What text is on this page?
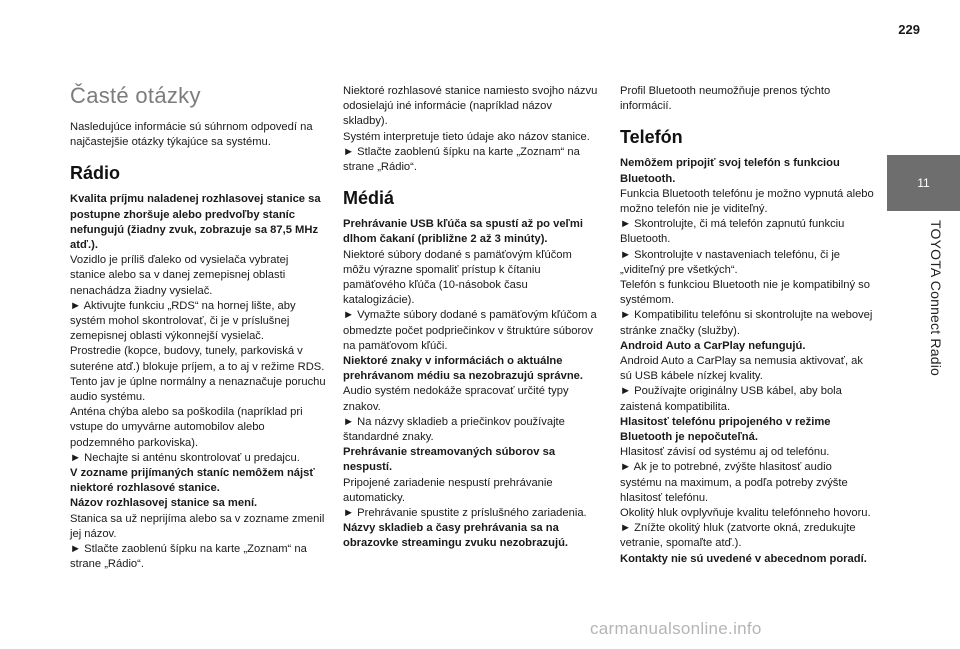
229
11
TOYOTA Connect Radio
Časté otázky

Nasledujúce informácie sú súhrnom odpovedí na najčastejšie otázky týkajúce sa systému.

Rádio

Kvalita príjmu naladenej rozhlasovej stanice sa postupne zhoršuje alebo predvoľby staníc nefungujú (žiadny zvuk, zobrazuje sa 87,5 MHz atď.).

Vozidlo je príliš ďaleko od vysielača vybratej stanice alebo sa v danej zemepisnej oblasti nenachádza žiadny vysielač.

► Aktivujte funkciu „RDS“ na hornej lište, aby systém mohol skontrolovať, či je v príslušnej zemepisnej oblasti výkonnejší vysielač.

Prostredie (kopce, budovy, tunely, parkoviská v suteréne atď.) blokuje príjem, a to aj v režime RDS.

Tento jav je úplne normálny a nenaznačuje poruchu audio systému.

Anténa chýba alebo sa poškodila (napríklad pri vstupe do umyvárne automobilov alebo podzemného parkoviska).

► Nechajte si anténu skontrolovať u predajcu.

V zozname prijímaných staníc nemôžem nájsť niektoré rozhlasové stanice.

Názov rozhlasovej stanice sa mení.

Stanica sa už neprijíma alebo sa v zozname zmenil jej názov.

► Stlačte zaoblenú šípku na karte „Zoznam“ na strane „Rádio“.

Niektoré rozhlasové stanice namiesto svojho názvu odosielajú iné informácie (napríklad názov skladby).

Systém interpretuje tieto údaje ako názov stanice.

► Stlačte zaoblenú šípku na karte „Zoznam“ na strane „Rádio“.

Médiá

Prehrávanie USB kľúča sa spustí až po veľmi dlhom čakaní (približne 2 až 3 minúty).

Niektoré súbory dodané s pamäťovým kľúčom môžu výrazne spomaliť prístup k čítaniu pamäťového kľúča (10-násobok času katalogizácie).

► Vymažte súbory dodané s pamäťovým kľúčom a obmedzte počet podpriečinkov v štruktúre súborov na pamäťovom kľúči.

Niektoré znaky v informáciách o aktuálne prehrávanom médiu sa nezobrazujú správne.

Audio systém nedokáže spracovať určité typy znakov.

► Na názvy skladieb a priečinkov používajte štandardné znaky.

Prehrávanie streamovaných súborov sa nespustí.

Pripojené zariadenie nespustí prehrávanie automaticky.

► Prehrávanie spustite z príslušného zariadenia.

Názvy skladieb a časy prehrávania sa na obrazovke streamingu zvuku nezobrazujú.

Profil Bluetooth neumožňuje prenos týchto informácií.

Telefón

Nemôžem pripojiť svoj telefón s funkciou Bluetooth.

Funkcia Bluetooth telefónu je možno vypnutá alebo možno telefón nie je viditeľný.

► Skontrolujte, či má telefón zapnutú funkciu Bluetooth.

► Skontrolujte v nastaveniach telefónu, či je „viditeľný pre všetkých“.

Telefón s funkciou Bluetooth nie je kompatibilný so systémom.

► Kompatibilitu telefónu si skontrolujte na webovej stránke značky (služby).

Android Auto a CarPlay nefungujú.

Android Auto a CarPlay sa nemusia aktivovať, ak sú USB kábele nízkej kvality.

► Používajte originálny USB kábel, aby bola zaistená kompatibilita.

Hlasitosť telefónu pripojeného v režime Bluetooth je nepočuteľná.

Hlasitosť závisí od systému aj od telefónu.

► Ak je to potrebné, zvýšte hlasitosť audio systému na maximum, a podľa potreby zvýšte hlasitosť telefónu.

Okolitý hluk ovplyvňuje kvalitu telefónneho hovoru.

► Znížte okolitý hluk (zatvorte okná, zredukujte vetranie, spomaľte atď.).

Kontakty nie sú uvedené v abecednom poradí.

carmanualsonline.info
